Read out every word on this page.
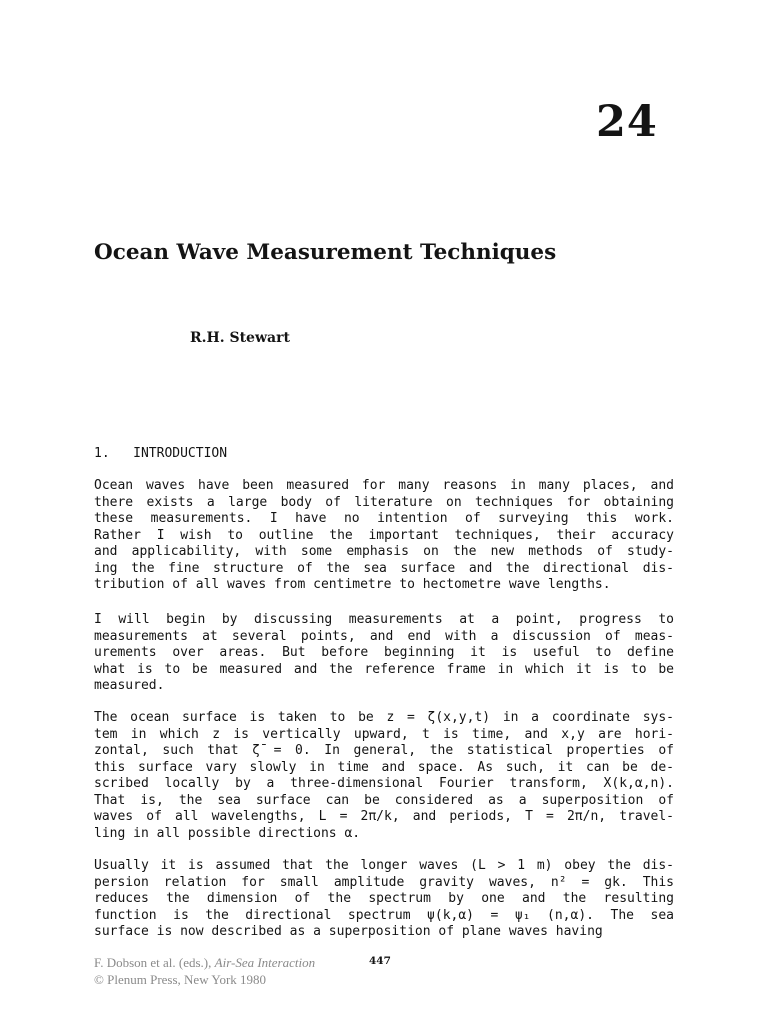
24
Ocean Wave Measurement Techniques
R.H. Stewart
1.   INTRODUCTION
Ocean waves have been measured for many reasons in many places, and
there exists a large body of literature on techniques for obtaining
these measurements. I have no intention of surveying this work.
Rather I wish to outline the important techniques, their accuracy
and applicability, with some emphasis on the new methods of study-
ing the fine structure of the sea surface and the directional dis-
tribution of all waves from centimetre to hectometre wave lengths.
I will begin by discussing measurements at a point, progress to
measurements at several points, and end with a discussion of meas-
urements over areas. But before beginning it is useful to define
what is to be measured and the reference frame in which it is to be
measured.
The ocean surface is taken to be z = ζ(x,y,t) in a coordinate sys-
tem in which z is vertically upward, t is time, and x,y are hori-
zontal, such that ζ̄ = 0. In general, the statistical properties of
this surface vary slowly in time and space. As such, it can be de-
scribed locally by a three-dimensional Fourier transform, X(k,α,n).
That is, the sea surface can be considered as a superposition of
waves of all wavelengths, L = 2π/k, and periods, T = 2π/n, travel-
ling in all possible directions α.
Usually it is assumed that the longer waves (L > 1 m) obey the dis-
persion relation for small amplitude gravity waves, n² = gk. This
reduces the dimension of the spectrum by one and the resulting
function is the directional spectrum ψ(k,α) = ψ₁ (n,α). The sea
surface is now described as a superposition of plane waves having
F. Dobson et al. (eds.), Air-Sea Interaction
© Plenum Press, New York 1980
447
